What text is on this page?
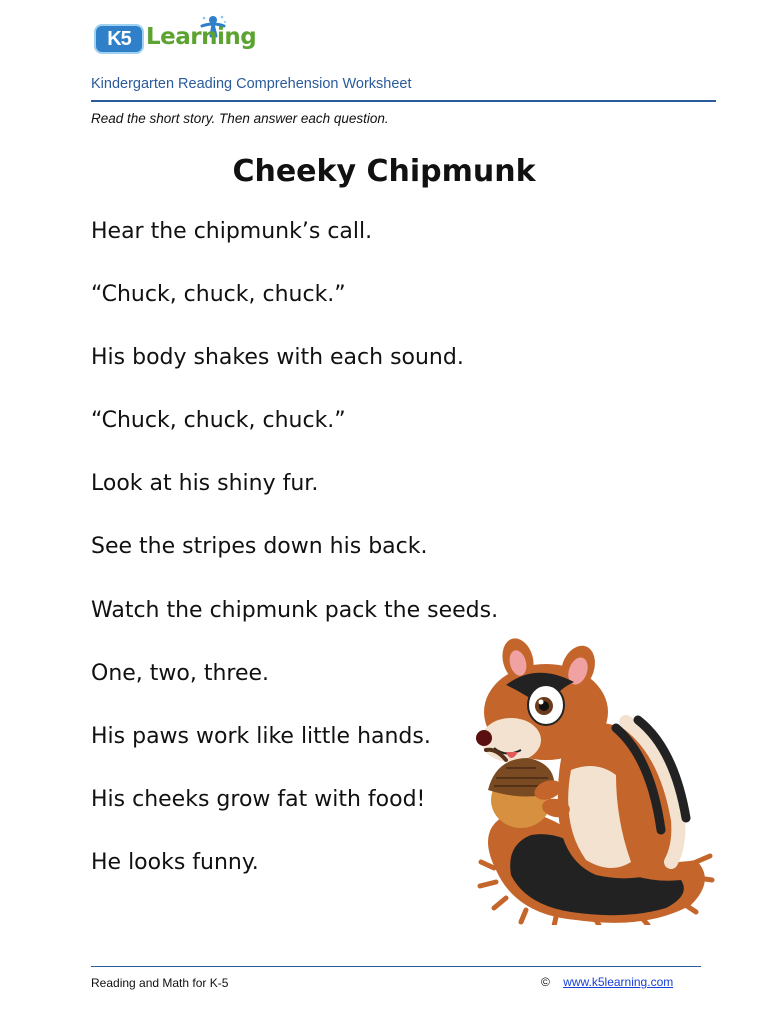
K5 Learning
Kindergarten Reading Comprehension Worksheet
Read the short story. Then answer each question.
Cheeky Chipmunk
Hear the chipmunk’s call.
“Chuck, chuck, chuck.”
His body shakes with each sound.
“Chuck, chuck, chuck.”
Look at his shiny fur.
See the stripes down his back.
Watch the chipmunk pack the seeds.
One, two, three.
His paws work like little hands.
His cheeks grow fat with food!
He looks funny.
Reading and Math for K-5	© www.k5learning.com
